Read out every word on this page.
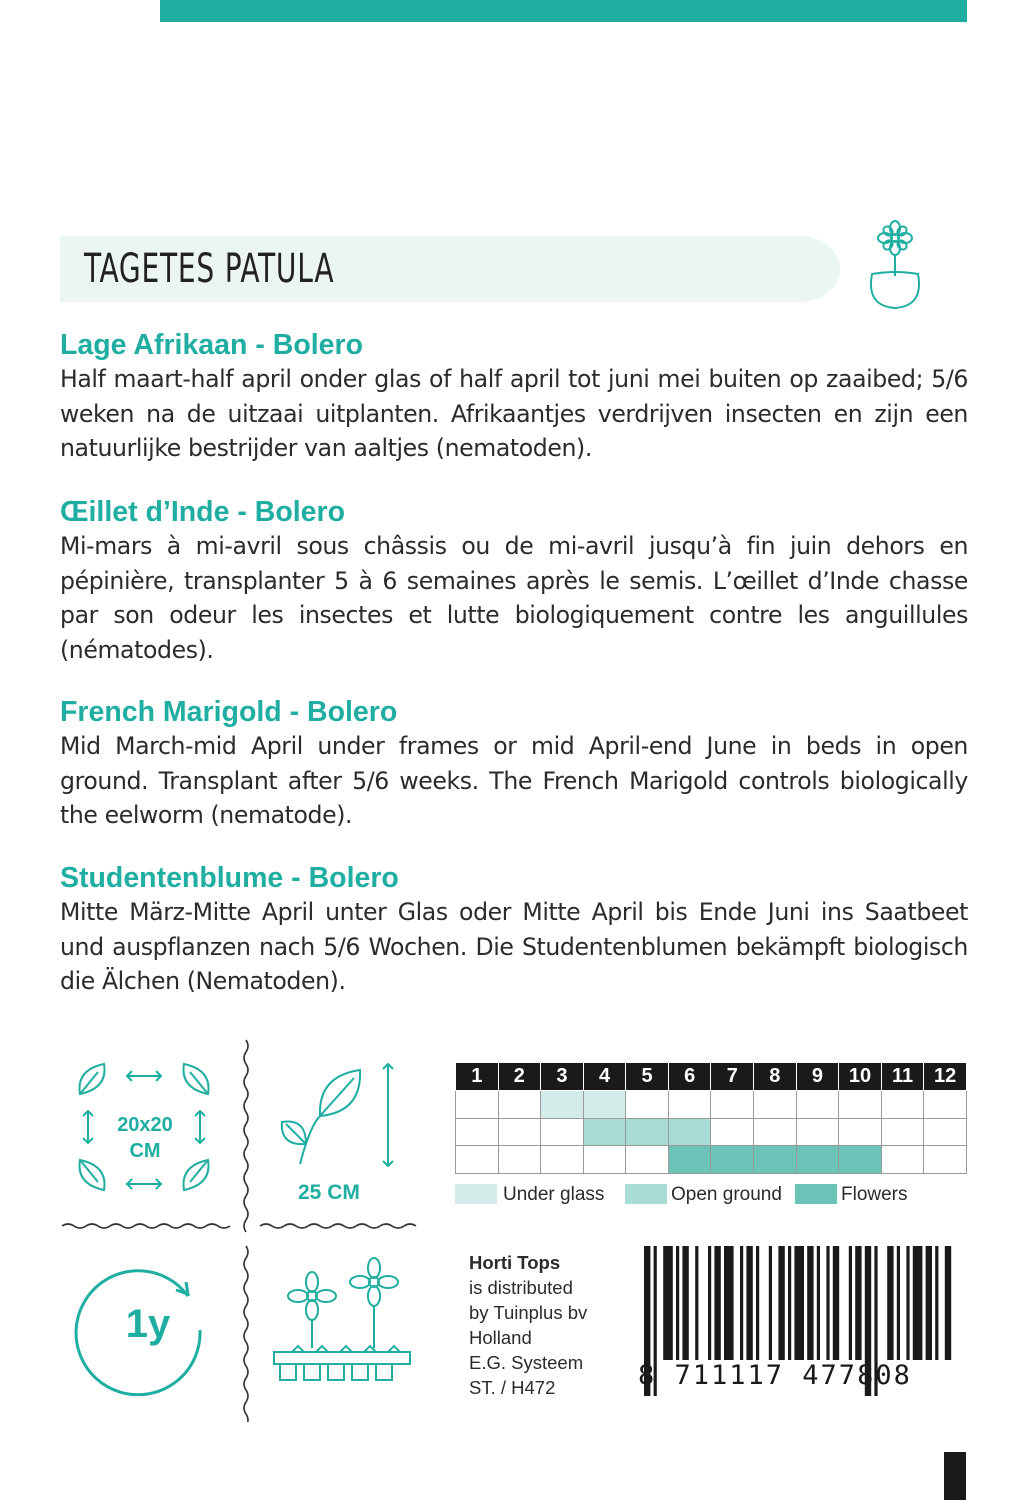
TAGETES PATULA
Lage Afrikaan - Bolero

Half maart-half april onder glas of half april tot juni mei buiten op zaaibed; 5/6 weken na de uitzaai uitplanten. Afrikaantjes verdrijven insecten en zijn een natuurlijke bestrijder van aaltjes (nematoden).

Œillet d’Inde - Bolero

Mi-mars à mi-avril sous châssis ou de mi-avril jusqu’à fin juin dehors en pépinière, transplanter 5 à 6 semaines après le semis. L’œillet d’Inde chasse par son odeur les insectes et lutte biologiquement contre les anguillules (nématodes).

French Marigold - Bolero

Mid March-mid April under frames or mid April-end June in beds in open ground. Transplant after 5/6 weeks. The French Marigold controls biologically the eelworm (nematode).

Studentenblume - Bolero

Mitte März-Mitte April unter Glas oder Mitte April bis Ende Juni ins Saatbeet und auspflanzen nach 5/6 Wochen. Die Studentenblumen bekämpft biologisch die Älchen (Nematoden).

20x20
CM
25 CM
1y
1	2	3	4	5	6	7	8	9	10	11	12

Under glass	Open ground	Flowers
Horti Tops
is distributed
by Tuinplus bv
Holland
E.G. Systeem
ST. / H472	8 711117 477808
